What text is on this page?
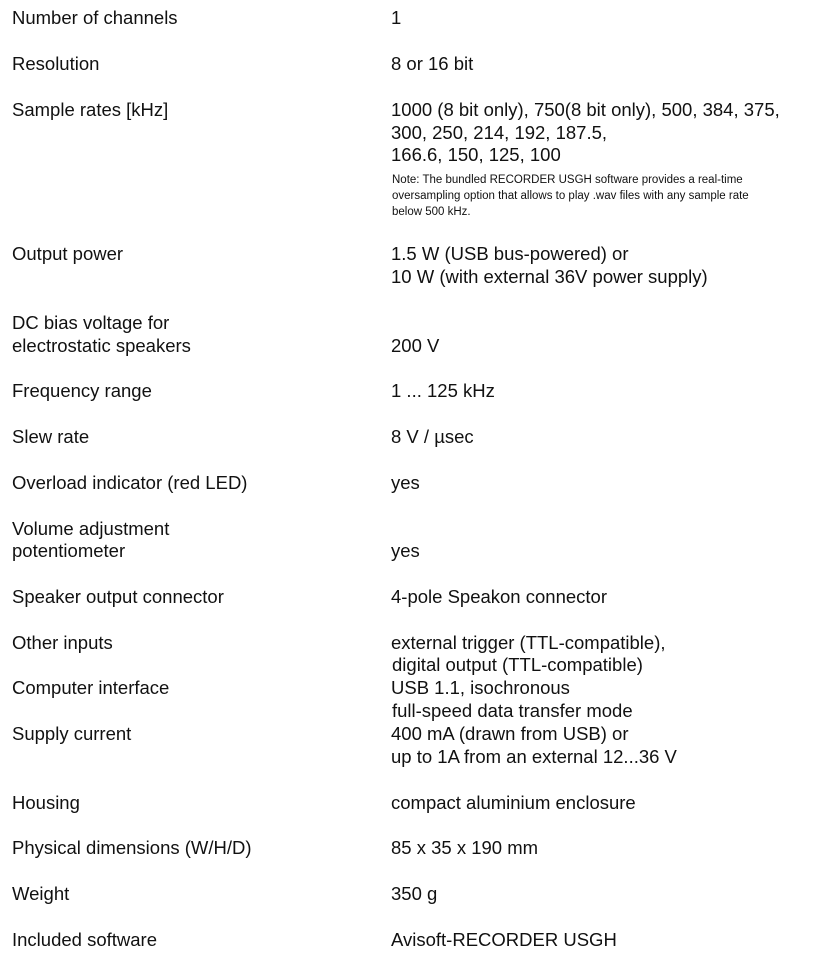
Number of channels	1
Resolution	8 or 16 bit
Sample rates [kHz]	1000 (8 bit only), 750(8 bit only), 500, 384, 375,
300, 250, 214, 192, 187.5,
166.6, 150, 125, 100
Note: The bundled RECORDER USGH software provides a real-time
oversampling option that allows to play .wav files with any sample rate
below 500 kHz.
Output power	1.5 W (USB bus-powered) or
10 W (with external 36V power supply)
DC bias voltage for
electrostatic speakers	200 V
Frequency range	1 ... 125 kHz
Slew rate	8 V / µsec
Overload indicator (red LED)	yes
Volume adjustment
potentiometer	yes
Speaker output connector	4-pole Speakon connector
Other inputs	external trigger (TTL-compatible),
digital output (TTL-compatible)
Computer interface	USB 1.1, isochronous
full-speed data transfer mode
Supply current	400 mA (drawn from USB) or
up to 1A from an external 12...36 V
Housing	compact aluminium enclosure
Physical dimensions (W/H/D)	85 x 35 x 190 mm
Weight	350 g
Included software	Avisoft-RECORDER USGH
